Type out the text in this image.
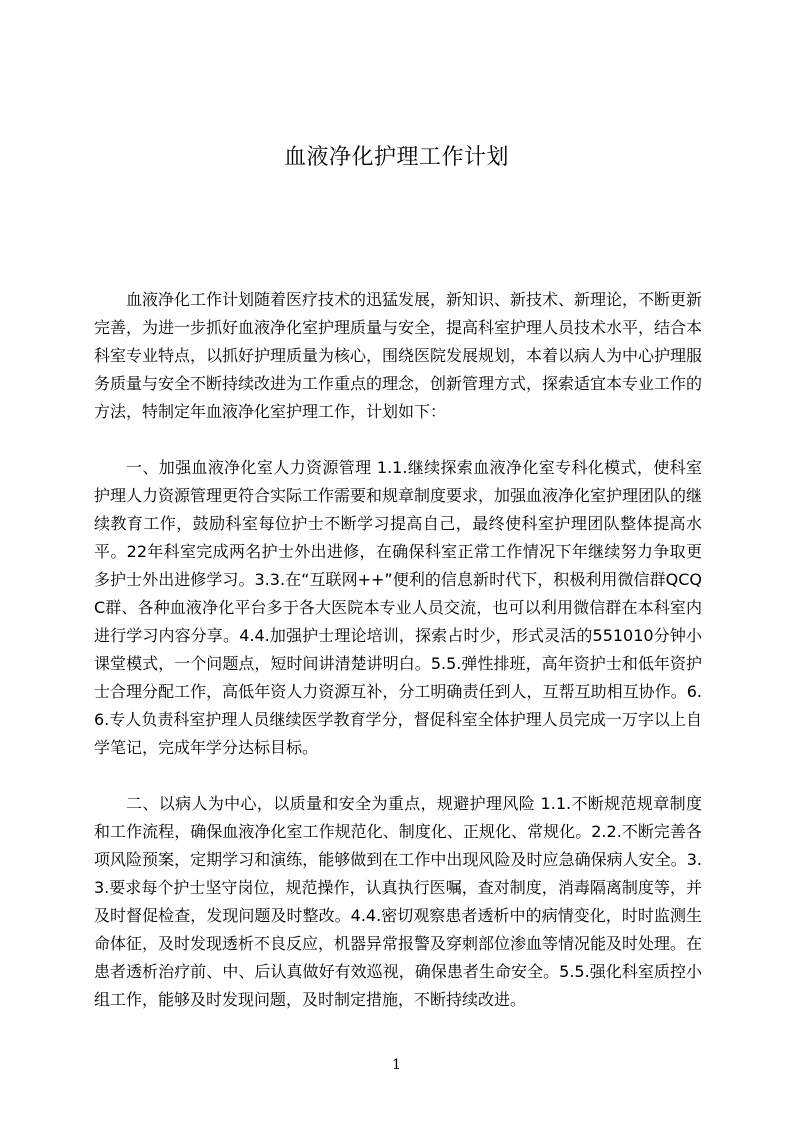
血液净化护理工作计划

血液净化工作计划随着医疗技术的迅猛发展，新知识、新技术、新理论，不断更新完善，为进一步抓好血液净化室护理质量与安全，提高科室护理人员技术水平，结合本科室专业特点，以抓好护理质量为核心，围绕医院发展规划，本着以病人为中心护理服务质量与安全不断持续改进为工作重点的理念，创新管理方式，探索适宜本专业工作的方法，特制定年血液净化室护理工作，计划如下：

一、加强血液净化室人力资源管理 1.1.继续探索血液净化室专科化模式，使科室护理人力资源管理更符合实际工作需要和规章制度要求，加强血液净化室护理团队的继续教育工作，鼓励科室每位护士不断学习提高自己，最终使科室护理团队整体提高水平。22年科室完成两名护士外出进修，在确保科室正常工作情况下年继续努力争取更多护士外出进修学习。3.3.在“互联网++”便利的信息新时代下，积极利用微信群QCQC群、各种血液净化平台多于各大医院本专业人员交流，也可以利用微信群在本科室内进行学习内容分享。4.4.加强护士理论培训，探索占时少，形式灵活的551010分钟小课堂模式，一个问题点，短时间讲清楚讲明白。5.5.弹性排班，高年资护士和低年资护士合理分配工作，高低年资人力资源互补，分工明确责任到人，互帮互助相互协作。6.6.专人负责科室护理人员继续医学教育学分，督促科室全体护理人员完成一万字以上自学笔记，完成年学分达标目标。

二、以病人为中心，以质量和安全为重点，规避护理风险 1.1.不断规范规章制度和工作流程，确保血液净化室工作规范化、制度化、正规化、常规化。2.2.不断完善各项风险预案，定期学习和演练，能够做到在工作中出现风险及时应急确保病人安全。3.3.要求每个护士坚守岗位，规范操作，认真执行医嘱，查对制度，消毒隔离制度等，并及时督促检查，发现问题及时整改。4.4.密切观察患者透析中的病情变化，时时监测生命体征，及时发现透析不良反应，机器异常报警及穿刺部位渗血等情况能及时处理。在患者透析治疗前、中、后认真做好有效巡视，确保患者生命安全。5.5.强化科室质控小组工作，能够及时发现问题，及时制定措施，不断持续改进。

1
